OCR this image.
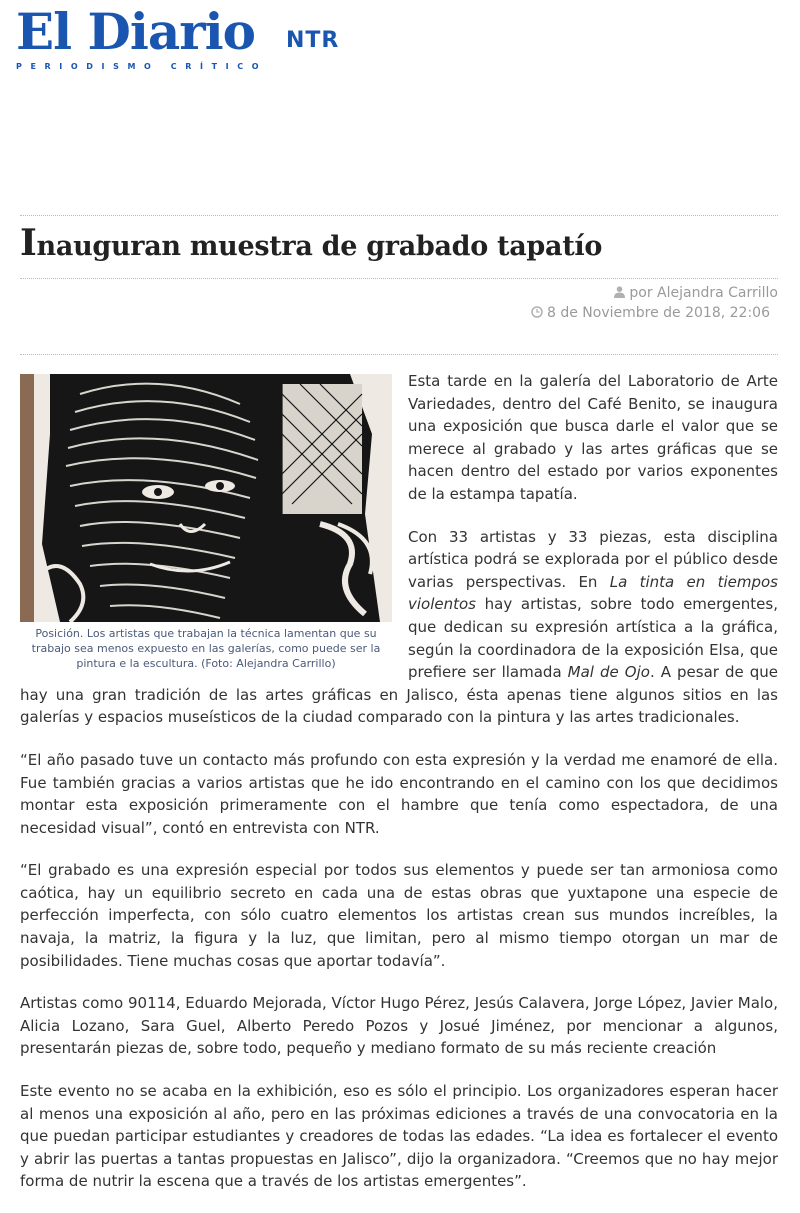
El Diario NTR
PERIODISMO CRÍTICO
Inauguran muestra de grabado tapatío
por Alejandra Carrillo
8 de Noviembre de 2018, 22:06
Posición. Los artistas que trabajan la técnica lamentan que su trabajo sea menos expuesto en las galerías, como puede ser la pintura e la escultura. (Foto: Alejandra Carrillo)

Esta tarde en la galería del Laboratorio de Arte Variedades, dentro del Café Benito, se inaugura una exposición que busca darle el valor que se merece al grabado y las artes gráficas que se hacen dentro del estado por varios exponentes de la estampa tapatía.

Con 33 artistas y 33 piezas, esta disciplina artística podrá se explorada por el público desde varias perspectivas. En La tinta en tiempos violentos hay artistas, sobre todo emergentes, que dedican su expresión artística a la gráfica, según la coordinadora de la exposición Elsa, que prefiere ser llamada Mal de Ojo. A pesar de que hay una gran tradición de las artes gráficas en Jalisco, ésta apenas tiene algunos sitios en las galerías y espacios museísticos de la ciudad comparado con la pintura y las artes tradicionales.

“El año pasado tuve un contacto más profundo con esta expresión y la verdad me enamoré de ella. Fue también gracias a varios artistas que he ido encontrando en el camino con los que decidimos montar esta exposición primeramente con el hambre que tenía como espectadora, de una necesidad visual”, contó en entrevista con NTR.

“El grabado es una expresión especial por todos sus elementos y puede ser tan armoniosa como caótica, hay un equilibrio secreto en cada una de estas obras que yuxtapone una especie de perfección imperfecta, con sólo cuatro elementos los artistas crean sus mundos increíbles, la navaja, la matriz, la figura y la luz, que limitan, pero al mismo tiempo otorgan un mar de posibilidades. Tiene muchas cosas que aportar todavía”.

Artistas como 90114, Eduardo Mejorada, Víctor Hugo Pérez, Jesús Calavera, Jorge López, Javier Malo, Alicia Lozano, Sara Guel, Alberto Peredo Pozos y Josué Jiménez, por mencionar a algunos, presentarán piezas de, sobre todo, pequeño y mediano formato de su más reciente creación

Este evento no se acaba en la exhibición, eso es sólo el principio. Los organizadores esperan hacer al menos una exposición al año, pero en las próximas ediciones a través de una convocatoria en la que puedan participar estudiantes y creadores de todas las edades. “La idea es fortalecer el evento y abrir las puertas a tantas propuestas en Jalisco”, dijo la organizadora. “Creemos que no hay mejor forma de nutrir la escena que a través de los artistas emergentes”.
